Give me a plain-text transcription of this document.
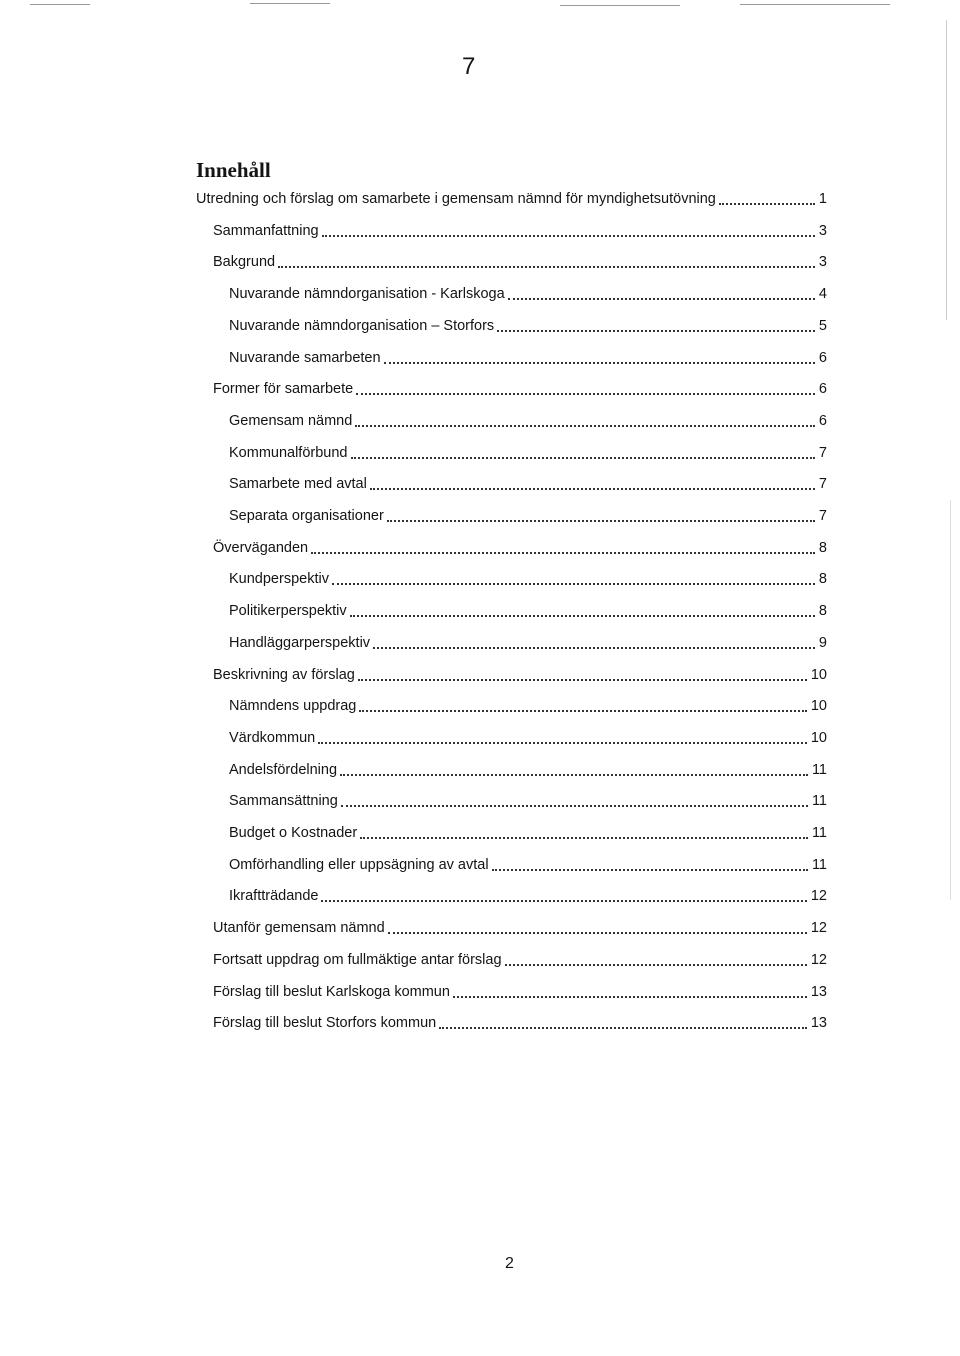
7
Innehåll
Utredning och förslag om samarbete i gemensam nämnd för myndighetsutövning	1
Sammanfattning	3
Bakgrund	3
Nuvarande nämndorganisation - Karlskoga	4
Nuvarande nämndorganisation – Storfors	5
Nuvarande samarbeten	6
Former för samarbete	6
Gemensam nämnd	6
Kommunalförbund	7
Samarbete med avtal	7
Separata organisationer	7
Överväganden	8
Kundperspektiv	8
Politikerperspektiv	8
Handläggarperspektiv	9
Beskrivning av förslag	10
Nämndens uppdrag	10
Värdkommun	10
Andelsfördelning	11
Sammansättning	11
Budget o Kostnader	11
Omförhandling eller uppsägning av avtal	11
Ikraftträdande	12
Utanför gemensam nämnd	12
Fortsatt uppdrag om fullmäktige antar förslag	12
Förslag till beslut Karlskoga kommun	13
Förslag till beslut Storfors kommun	13
2
